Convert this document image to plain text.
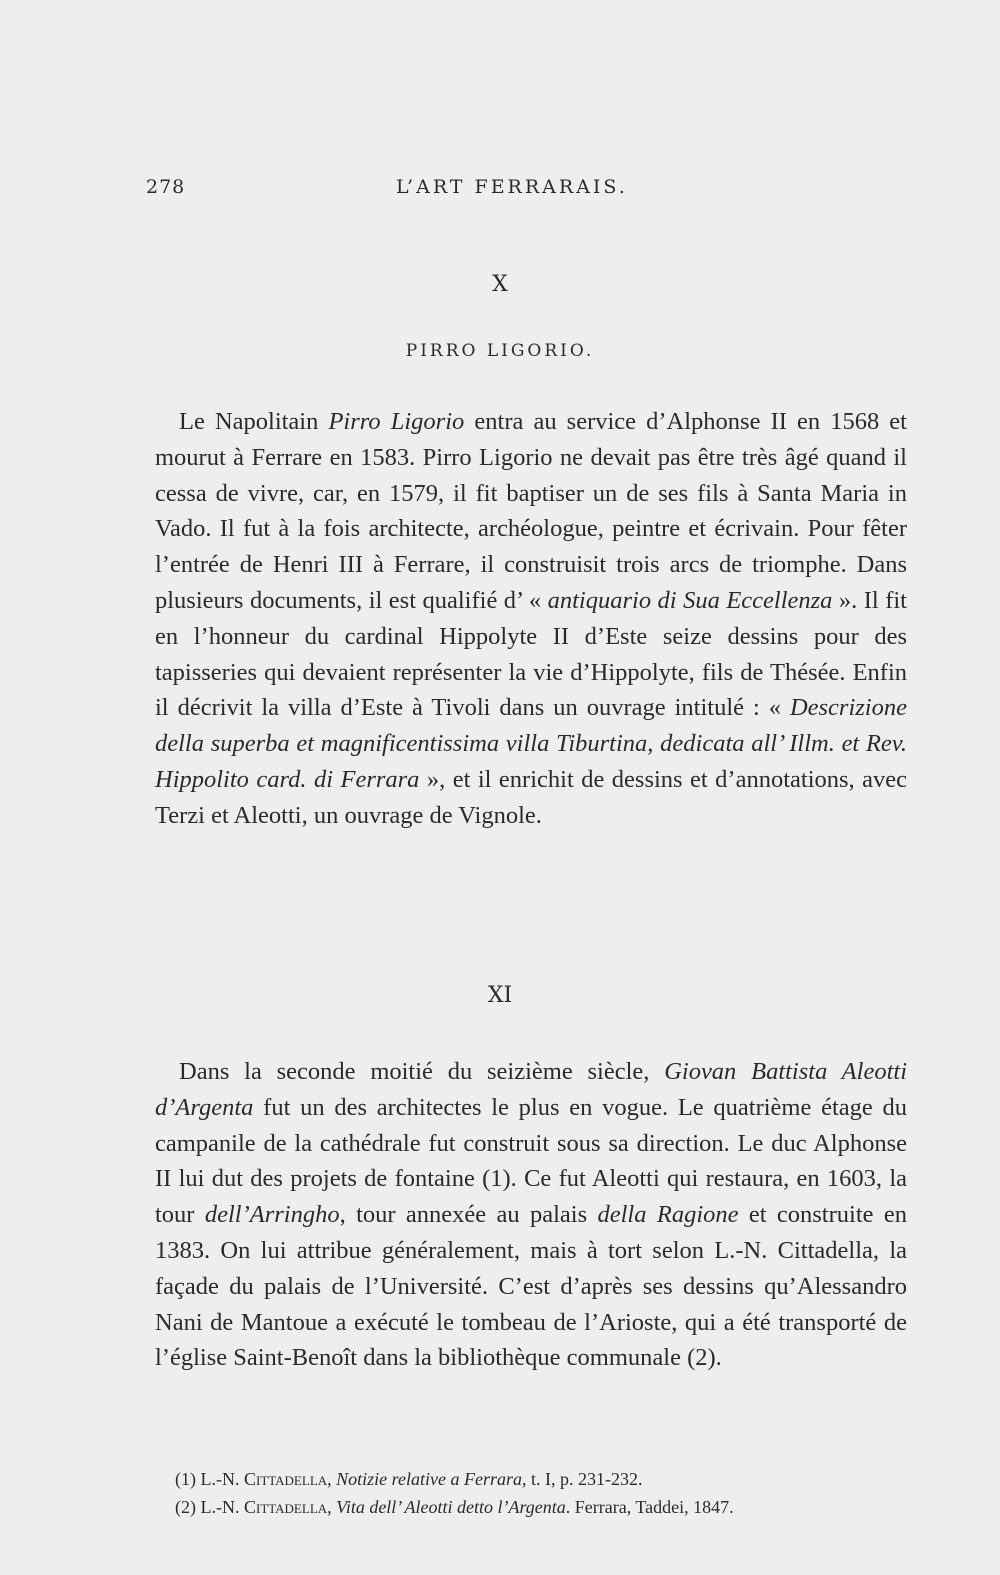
278	L’ART FERRARAIS.
X
PIRRO LIGORIO.

Le Napolitain Pirro Ligorio entra au service d’Alphonse II en 1568 et mourut à Ferrare en 1583. Pirro Ligorio ne devait pas être très âgé quand il cessa de vivre, car, en 1579, il fit baptiser un de ses fils à Santa Maria in Vado. Il fut à la fois architecte, archéologue, peintre et écrivain. Pour fêter l’entrée de Henri III à Ferrare, il construisit trois arcs de triomphe. Dans plusieurs documents, il est qualifié d’ « antiquario di Sua Eccellenza ». Il fit en l’honneur du cardinal Hippolyte II d’Este seize dessins pour des tapisseries qui devaient représenter la vie d’Hippolyte, fils de Thésée. Enfin il décrivit la villa d’Este à Tivoli dans un ouvrage intitulé : « Descrizione della superba et magnificentissima villa Tiburtina, dedicata all’ Illm. et Rev. Hippolito card. di Ferrara », et il enrichit de dessins et d’annotations, avec Terzi et Aleotti, un ouvrage de Vignole.

XI

Dans la seconde moitié du seizième siècle, Giovan Battista Aleotti d’Argenta fut un des architectes le plus en vogue. Le quatrième étage du campanile de la cathédrale fut construit sous sa direction. Le duc Alphonse II lui dut des projets de fontaine (1). Ce fut Aleotti qui restaura, en 1603, la tour dell’Arringho, tour annexée au palais della Ragione et construite en 1383. On lui attribue généralement, mais à tort selon L.-N. Cittadella, la façade du palais de l’Université. C’est d’après ses dessins qu’Alessandro Nani de Mantoue a exécuté le tombeau de l’Arioste, qui a été transporté de l’église Saint-Benoît dans la bibliothèque communale (2).

(1) L.-N. Cittadella, Notizie relative a Ferrara, t. I, p. 231-232.
(2) L.-N. Cittadella, Vita dell’ Aleotti detto l’Argenta. Ferrara, Taddei, 1847.
